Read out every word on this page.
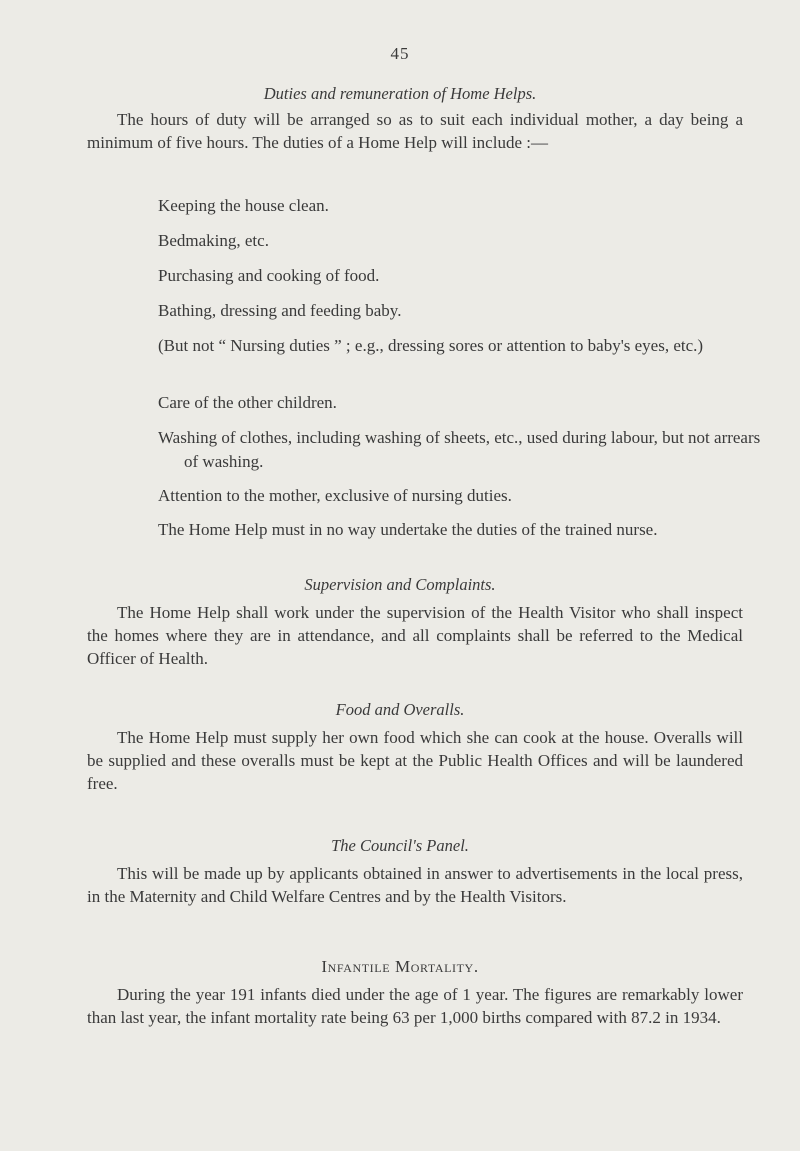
45
Duties and remuneration of Home Helps.
The hours of duty will be arranged so as to suit each individual mother, a day being a minimum of five hours. The duties of a Home Help will include :—
Keeping the house clean.
Bedmaking, etc.
Purchasing and cooking of food.
Bathing, dressing and feeding baby.
(But not “ Nursing duties ” ; e.g., dressing sores or attention to baby's eyes, etc.)
Care of the other children.
Washing of clothes, including washing of sheets, etc., used during labour, but not arrears of washing.
Attention to the mother, exclusive of nursing duties.
The Home Help must in no way undertake the duties of the trained nurse.
Supervision and Complaints.
The Home Help shall work under the supervision of the Health Visitor who shall inspect the homes where they are in attendance, and all complaints shall be referred to the Medical Officer of Health.
Food and Overalls.
The Home Help must supply her own food which she can cook at the house. Overalls will be supplied and these overalls must be kept at the Public Health Offices and will be laundered free.
The Council's Panel.
This will be made up by applicants obtained in answer to advertisements in the local press, in the Maternity and Child Welfare Centres and by the Health Visitors.
Infantile Mortality.
During the year 191 infants died under the age of 1 year. The figures are remarkably lower than last year, the infant mortality rate being 63 per 1,000 births compared with 87.2 in 1934.
